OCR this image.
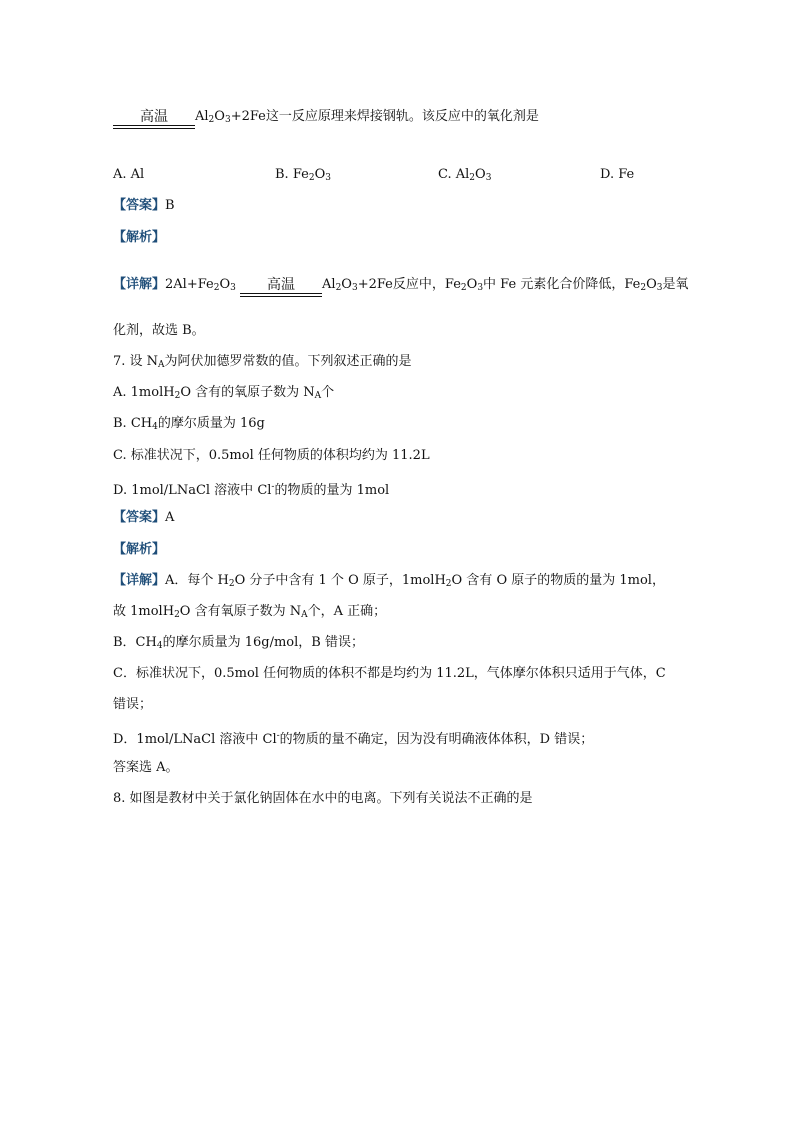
高温	$Al_2O_3+2Fe$这一反应原理来焊接钢轨。该反应中的氧化剂是
A. Al	B. $Fe_2O_3$	C. $Al_2O_3$	D. Fe
【答案】B
【解析】
【详解】$2Al+Fe_2O_3$	高温	$Al_2O_3+2Fe$反应中，$Fe_2O_3$中 Fe 元素化合价降低，$Fe_2O_3$是氧
化剂，故选 B。
7. 设 $N_A$为阿伏加德罗常数的值。下列叙述正确的是
A. 1molH$_2$O 含有的氧原子数为 $N_A$个
B. $CH_4$的摩尔质量为 16g
C. 标准状况下，0.5mol 任何物质的体积均约为 11.2L
D. 1mol/LNaCl 溶液中 Cl-的物质的量为 1mol
【答案】A
【解析】
【详解】A．每个 $H_2O$ 分子中含有 1 个 O 原子，1molH$_2$O 含有 O 原子的物质的量为 1mol，
故 1molH$_2$O 含有氧原子数为 $N_A$个，A 正确；
B．$CH_4$的摩尔质量为 16g/mol，B 错误；
C．标准状况下，0.5mol 任何物质的体积不都是均约为 11.2L，气体摩尔体积只适用于气体，C
错误；
D．1mol/LNaCl 溶液中 Cl-的物质的量不确定，因为没有明确液体体积，D 错误；
答案选 A。
8. 如图是教材中关于氯化钠固体在水中的电离。下列有关说法不正确的是
